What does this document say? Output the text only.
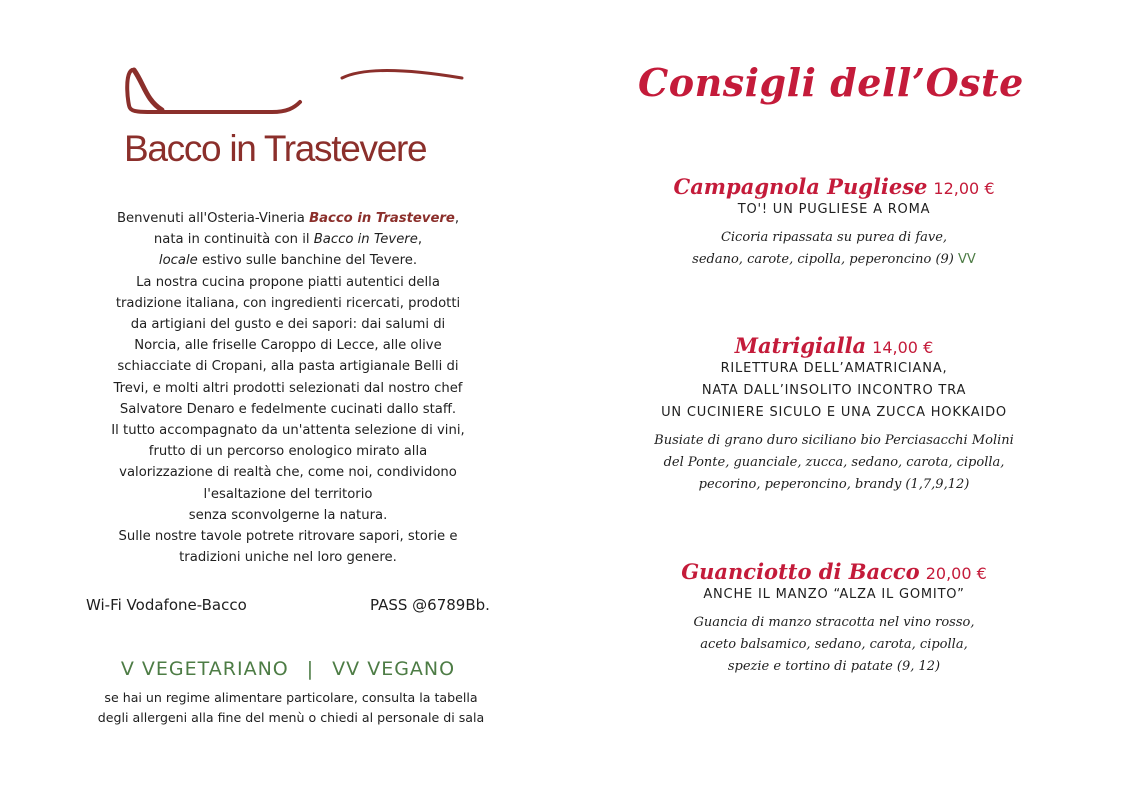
Bacco in Trastevere
Benvenuti all'Osteria-Vineria Bacco in Trastevere,
nata in continuità con il Bacco in Tevere,
locale estivo sulle banchine del Tevere.
La nostra cucina propone piatti autentici della
tradizione italiana, con ingredienti ricercati, prodotti
da artigiani del gusto e dei sapori: dai salumi di
Norcia, alle friselle Caroppo di Lecce, alle olive
schiacciate di Cropani, alla pasta artigianale Belli di
Trevi, e molti altri prodotti selezionati dal nostro chef
Salvatore Denaro e fedelmente cucinati dallo staff.
Il tutto accompagnato da un'attenta selezione di vini,
frutto di un percorso enologico mirato alla
valorizzazione di realtà che, come noi, condividono
l'esaltazione del territorio
senza sconvolgerne la natura.
Sulle nostre tavole potrete ritrovare sapori, storie e
tradizioni uniche nel loro genere.
Wi-Fi Vodafone-Bacco	PASS @6789Bb.
V VEGETARIANO | VV VEGANO
se hai un regime alimentare particolare, consulta la tabella
degli allergeni alla fine del menù o chiedi al personale di sala
Consigli dell’Oste
Campagnola Pugliese 12,00 €
TO'! UN PUGLIESE A ROMA
Cicoria ripassata su purea di fave,
sedano, carote, cipolla, peperoncino (9) VV
Matrigialla 14,00 €
RILETTURA DELL’AMATRICIANA,
NATA DALL’INSOLITO INCONTRO TRA
UN CUCINIERE SICULO E UNA ZUCCA HOKKAIDO
Busiate di grano duro siciliano bio Perciasacchi Molini
del Ponte, guanciale, zucca, sedano, carota, cipolla,
pecorino, peperoncino, brandy (1,7,9,12)
Guanciotto di Bacco 20,00 €
ANCHE IL MANZO “ALZA IL GOMITO”
Guancia di manzo stracotta nel vino rosso,
aceto balsamico, sedano, carota, cipolla,
spezie e tortino di patate (9, 12)
